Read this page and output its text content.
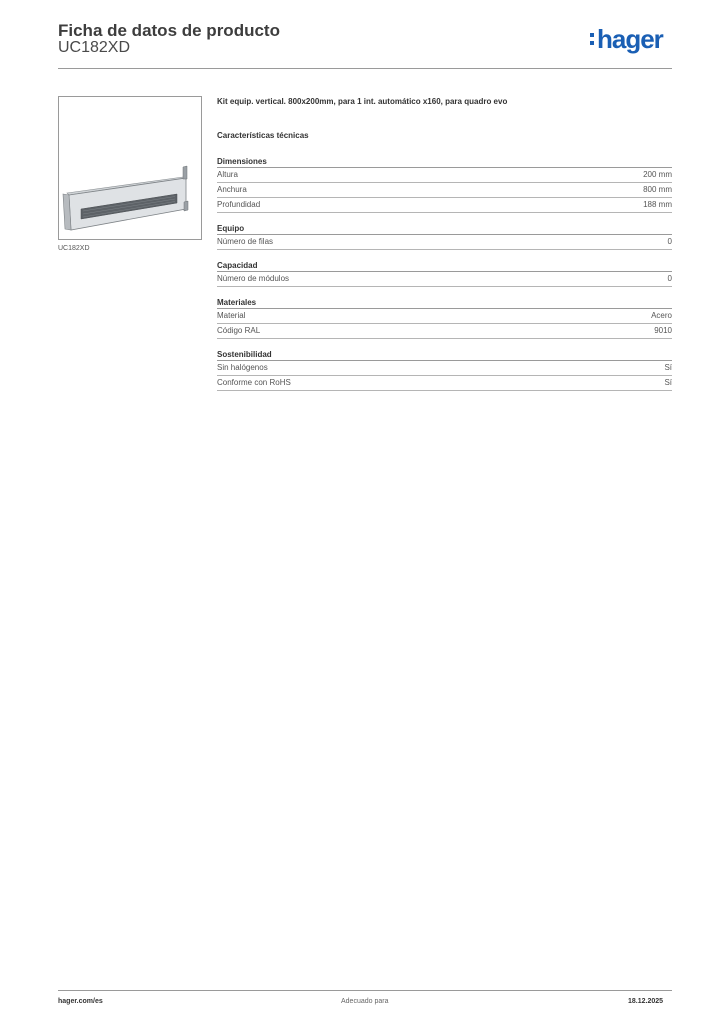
Ficha de datos de producto
UC182XD	hager
UC182XD
Kit equip. vertical. 800x200mm, para 1 int. automático x160, para quadro evo
Características técnicas
Dimensiones
Altura	200 mm
Anchura	800 mm
Profundidad	188 mm
Equipo
Número de filas	0
Capacidad
Número de módulos	0
Materiales
Material	Acero
Código RAL	9010
Sostenibilidad
Sin halógenos	Sí
Conforme con RoHS	Sí
hager.com/es	Adecuado para	18.12.2025
